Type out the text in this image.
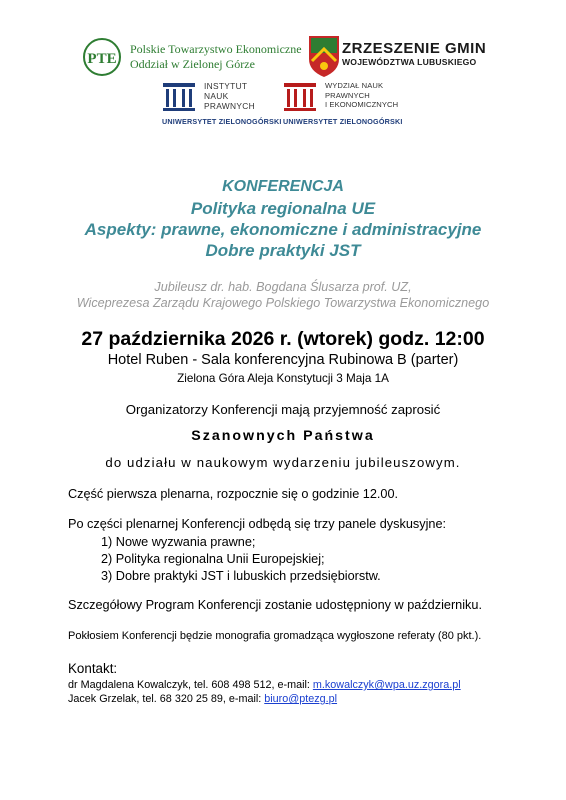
PTE
Polskie Towarzystwo Ekonomiczne
Oddział w Zielonej Górze
ZRZESZENIE GMIN
WOJEWÓDZTWA LUBUSKIEGO
INSTYTUT
NAUK
PRAWNYCH
UNIWERSYTET ZIELONOGÓRSKI
WYDZIAŁ NAUK
PRAWNYCH
I EKONOMICZNYCH
UNIWERSYTET ZIELONOGÓRSKI
KONFERENCJA
Polityka regionalna UE
Aspekty: prawne, ekonomiczne i administracyjne
Dobre praktyki JST
Jubileusz dr. hab. Bogdana Ślusarza prof. UZ,
Wiceprezesa Zarządu Krajowego Polskiego Towarzystwa Ekonomicznego
27 października 2026 r. (wtorek) godz. 12:00
Hotel Ruben - Sala konferencyjna Rubinowa B (parter)
Zielona Góra Aleja Konstytucji 3 Maja 1A
Organizatorzy Konferencji mają przyjemność zaprosić
Szanownych Państwa
do udziału w naukowym wydarzeniu jubileuszowym.
Część pierwsza plenarna, rozpocznie się o godzinie 12.00.
Po części plenarnej Konferencji odbędą się trzy panele dyskusyjne:
1) Nowe wyzwania prawne;
2) Polityka regionalna Unii Europejskiej;
3) Dobre praktyki JST i lubuskich przedsiębiorstw.
Szczegółowy Program Konferencji zostanie udostępniony w październiku.
Pokłosiem Konferencji będzie monografia gromadząca wygłoszone referaty (80 pkt.).
Kontakt:
dr Magdalena Kowalczyk, tel. 608 498 512, e-mail: m.kowalczyk@wpa.uz.zgora.pl
Jacek Grzelak, tel. 68 320 25 89, e-mail: biuro@ptezg.pl
